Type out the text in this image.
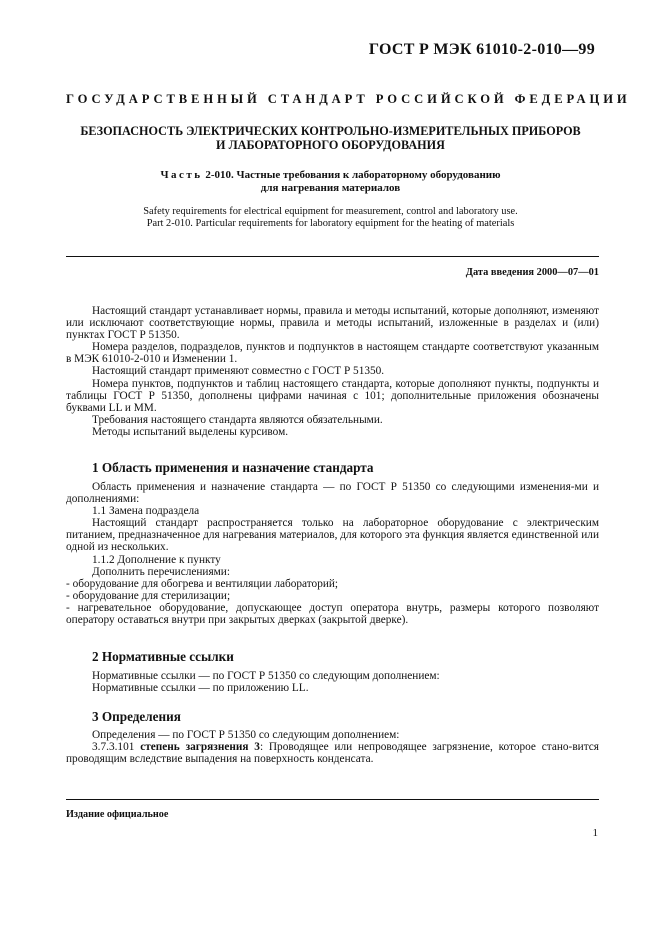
ГОСТ Р МЭК 61010-2-010—99
ГОСУДАРСТВЕННЫЙ СТАНДАРТ РОССИЙСКОЙ ФЕДЕРАЦИИ
БЕЗОПАСНОСТЬ ЭЛЕКТРИЧЕСКИХ КОНТРОЛЬНО-ИЗМЕРИТЕЛЬНЫХ ПРИБОРОВ
И ЛАБОРАТОРНОГО ОБОРУДОВАНИЯ
Часть 2-010. Частные требования к лабораторному оборудованию
для нагревания материалов
Safety requirements for electrical equipment for measurement, control and laboratory use.
Part 2-010. Particular requirements for laboratory equipment for the heating of materials
Дата введения 2000—07—01

Настоящий стандарт устанавливает нормы, правила и методы испытаний, которые дополняют, изменяют или исключают соответствующие нормы, правила и методы испытаний, изложенные в разделах и (или) пунктах ГОСТ Р 51350.

Номера разделов, подразделов, пунктов и подпунктов в настоящем стандарте соответствуют указанным в МЭК 61010-2-010 и Изменении 1.

Настоящий стандарт применяют совместно с ГОСТ Р 51350.

Номера пунктов, подпунктов и таблиц настоящего стандарта, которые дополняют пункты, подпункты и таблицы ГОСТ Р 51350, дополнены цифрами начиная с 101; дополнительные приложения обозначены буквами LL и MM.

Требования настоящего стандарта являются обязательными.

Методы испытаний выделены курсивом.

1 Область применения и назначение стандарта

Область применения и назначение стандарта — по ГОСТ Р 51350 со следующими изменения-ми и дополнениями:

1.1 Замена подраздела

Настоящий стандарт распространяется только на лабораторное оборудование с электрическим питанием, предназначенное для нагревания материалов, для которого эта функция является единственной или одной из нескольких.

1.1.2 Дополнение к пункту

Дополнить перечислениями:

- оборудование для обогрева и вентиляции лабораторий;

- оборудование для стерилизации;

- нагревательное оборудование, допускающее доступ оператора внутрь, размеры которого позволяют оператору оставаться внутри при закрытых дверках (закрытой дверке).

2 Нормативные ссылки

Нормативные ссылки — по ГОСТ Р 51350 со следующим дополнением:

Нормативные ссылки — по приложению LL.

3 Определения

Определения — по ГОСТ Р 51350 со следующим дополнением:

3.7.3.101 степень загрязнения 3: Проводящее или непроводящее загрязнение, которое стано-вится проводящим вследствие выпадения на поверхность конденсата.

Издание официальное
1
